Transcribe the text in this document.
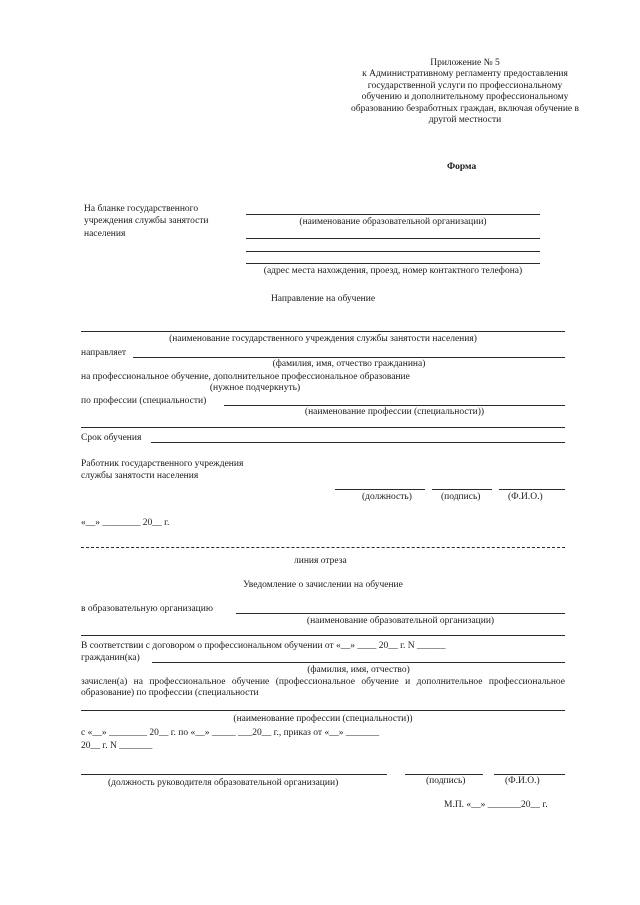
Приложение № 5
к Административному регламенту предоставления государственной услуги по профессиональному обучению и дополнительному профессиональному образованию безработных граждан, включая обучение в другой местности
Форма
На бланке государственного учреждения службы занятости населения
(наименование образовательной организации)
(адрес места нахождения, проезд, номер контактного телефона)
Направление на обучение
(наименование государственного учреждения службы занятости населения)
направляет
(фамилия, имя, отчество гражданина)
на профессиональное обучение, дополнительное профессиональное образование
(нужное подчеркнуть)
по профессии (специальности)
(наименование профессии (специальности))
Срок обучения
Работник государственного учреждения службы занятости населения
(должность)	(подпись)	(Ф.И.О.)
«__» ________ 20__ г.
линия отреза
Уведомление о зачислении на обучение
в образовательную организацию
(наименование образовательной организации)
В соответствии с договором о профессиональном обучении от «__» ____ 20__ г. N ______
гражданин(ка)
(фамилия, имя, отчество)
зачислен(а) на профессиональное обучение (профессиональное обучение и дополнительное профессиональное образование) по профессии (специальности
(наименование профессии (специальности))
с «__» ________ 20__ г. по «__» _____ ___20__ г., приказ от «__» _______
20__ г. N _______
(должность руководителя образовательной организации)	(подпись)	(Ф.И.О.)
М.П. «__» _______20__ г.
